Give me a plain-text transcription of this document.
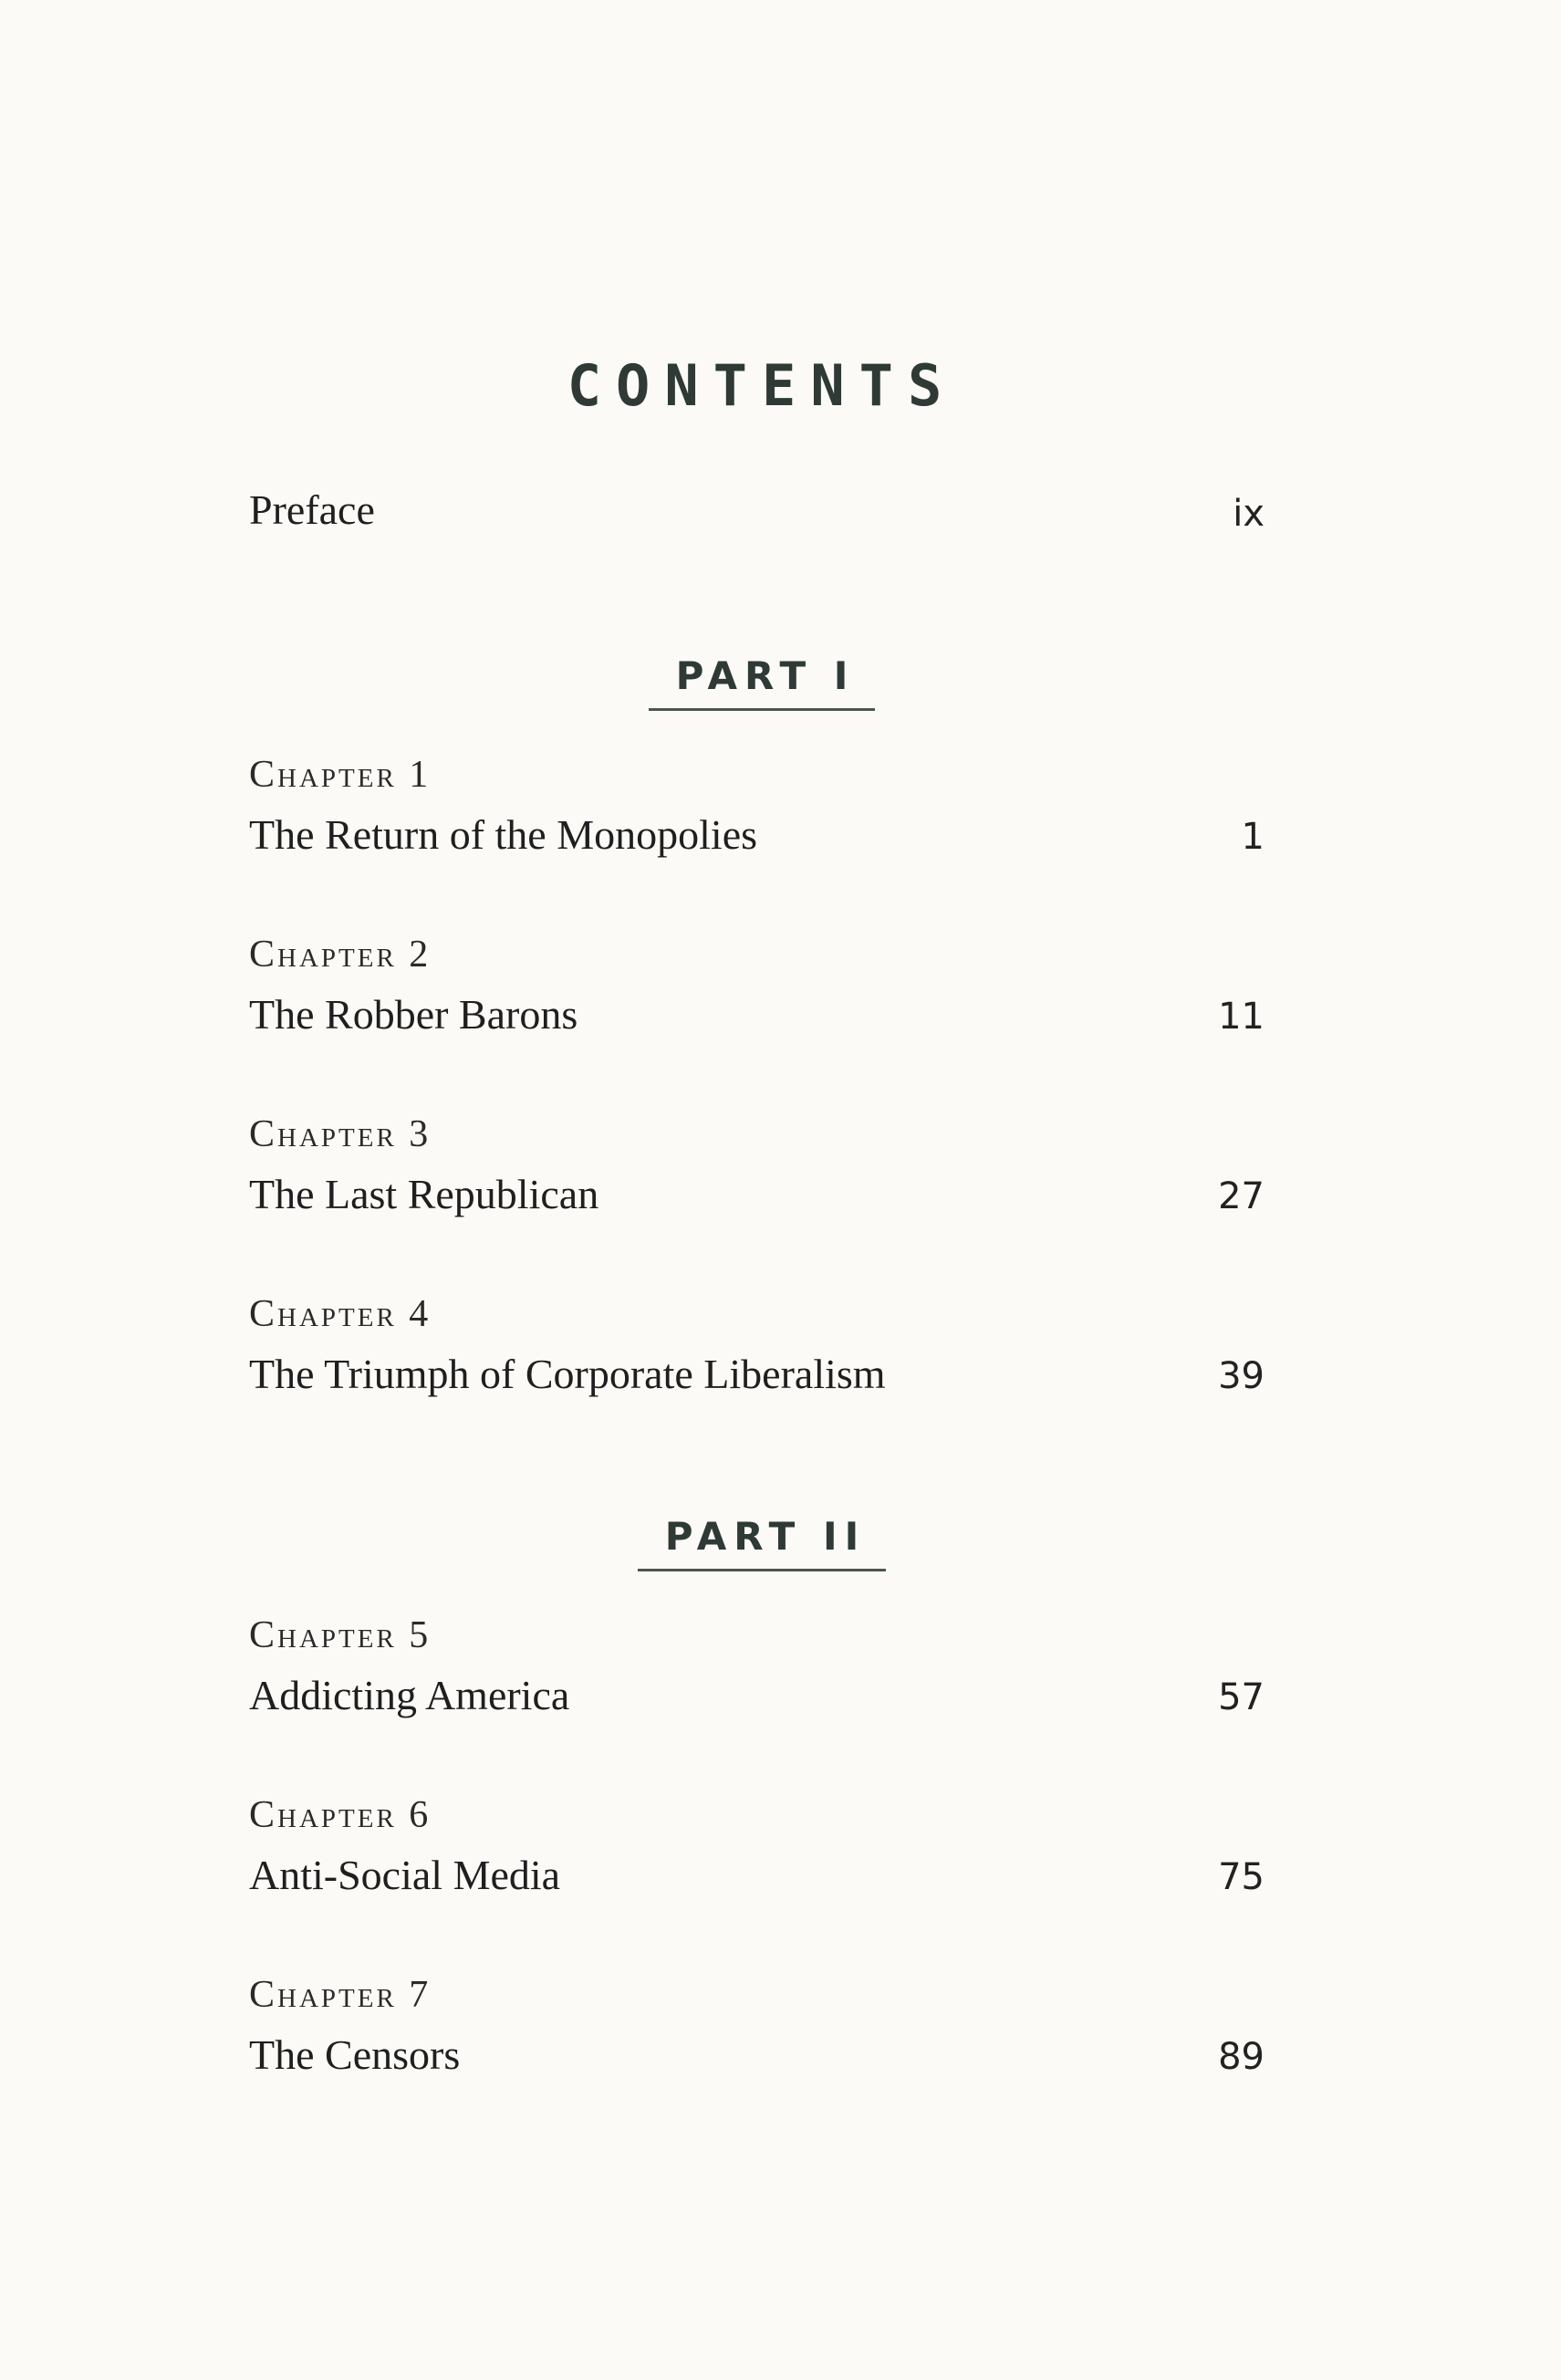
CONTENTS
Preface	ix
PART I
Chapter 1
The Return of the Monopolies	1
Chapter 2
The Robber Barons	11
Chapter 3
The Last Republican	27
Chapter 4
The Triumph of Corporate Liberalism	39
PART II
Chapter 5
Addicting America	57
Chapter 6
Anti-Social Media	75
Chapter 7
The Censors	89
